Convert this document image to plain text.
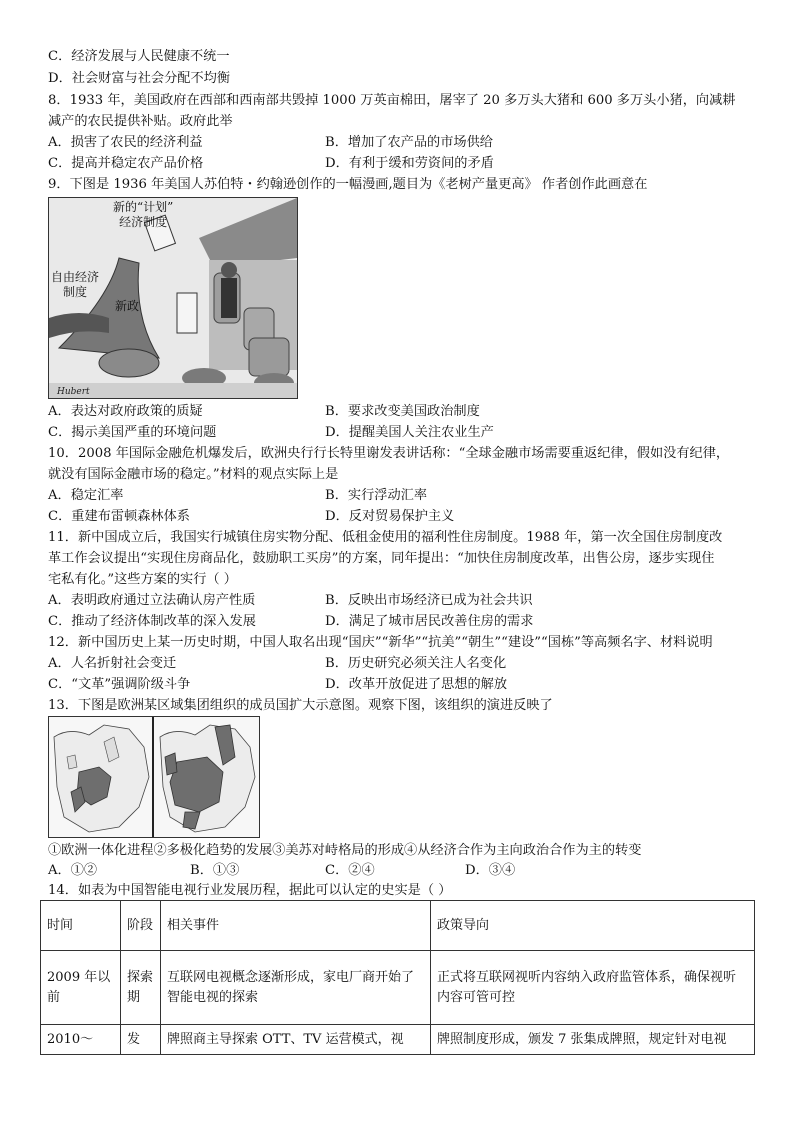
C．经济发展与人民健康不统一
D．社会财富与社会分配不均衡
8．1933 年，美国政府在西部和西南部共毁掉 1000 万英亩棉田，屠宰了 20 多万头大猪和 600 多万头小猪，向减耕
减产的农民提供补贴。政府此举
A．损害了农民的经济利益	B．增加了农产品的市场供给
C．提高并稳定农产品价格	D．有利于缓和劳资间的矛盾
9．下图是 1936 年美国人苏伯特・约翰逊创作的一幅漫画,题目为《老树产量更高》 作者创作此画意在
Hubert
新的“计划”
经济制度
自由经济
制度
新政
A．表达对政府政策的质疑	B．要求改变美国政治制度
C．揭示美国严重的环境问题	D．提醒美国人关注农业生产
10．2008 年国际金融危机爆发后，欧洲央行行长特里谢发表讲话称：“全球金融市场需要重返纪律，假如没有纪律，
就没有国际金融市场的稳定。”材料的观点实际上是
A．稳定汇率	B．实行浮动汇率
C．重建布雷顿森林体系	D．反对贸易保护主义
11．新中国成立后，我国实行城镇住房实物分配、低租金使用的福利性住房制度。1988 年，第一次全国住房制度改
革工作会议提出“实现住房商品化，鼓励职工买房”的方案，同年提出：“加快住房制度改革，出售公房，逐步实现住
宅私有化。”这些方案的实行（ ）
A．表明政府通过立法确认房产性质	B．反映出市场经济已成为社会共识
C．推动了经济体制改革的深入发展	D．满足了城市居民改善住房的需求
12．新中国历史上某一历史时期，中国人取名出现“国庆”“新华”“抗美”“朝生”“建设”“国栋”等高频名字、材料说明
A．人名折射社会变迁	B．历史研究必须关注人名变化
C．“文革”强调阶级斗争	D．改革开放促进了思想的解放
13．下图是欧洲某区域集团组织的成员国扩大示意图。观察下图，该组织的演进反映了
①欧洲一体化进程②多极化趋势的发展③美苏对峙格局的形成④从经济合作为主向政治合作为主的转变
A．①②	B．①③	C．②④	D．③④
14．如表为中国智能电视行业发展历程，据此可以认定的史实是（ ）
时间	阶段	相关事件	政策导向
2009 年以前	探索期	互联网电视概念逐渐形成，家电厂商开始了智能电视的探索	正式将互联网视听内容纳入政府监管体系，确保视听内容可管可控
2010～	发	牌照商主导探索 OTT、TV 运营模式，视	牌照制度形成，颁发 7 张集成牌照，规定针对电视
